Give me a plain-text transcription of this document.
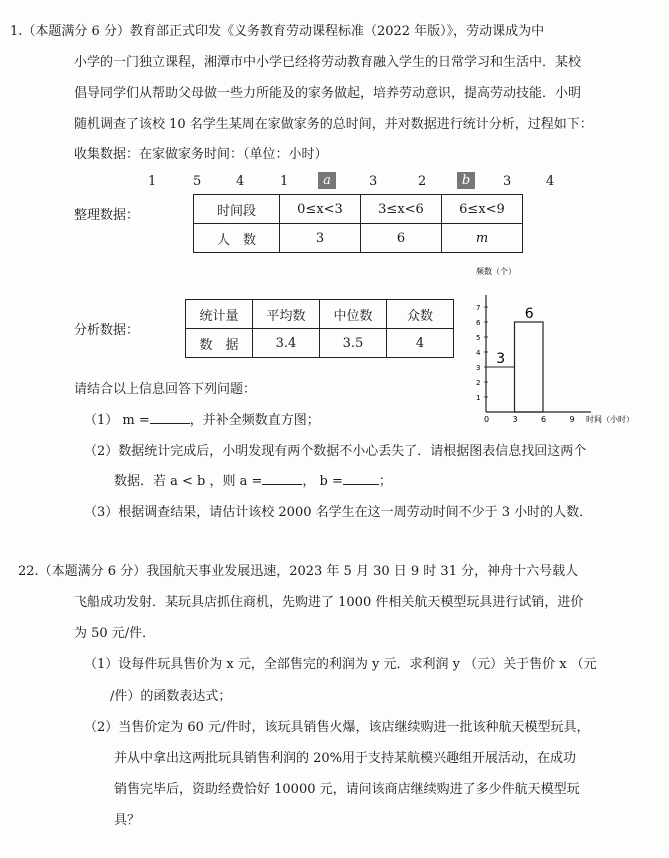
1.（本题满分 6 分）教育部正式印发《义务教育劳动课程标准（2022 年版）》，劳动课成为中
小学的一门独立课程，湘潭市中小学已经将劳动教育融入学生的日常学习和生活中．某校
倡导同学们从帮助父母做一些力所能及的家务做起，培养劳动意识，提高劳动技能．小明
随机调查了该校 10 名学生某周在家做家务的总时间，并对数据进行统计分析，过程如下：
收集数据：在家做家务时间：（单位：小时）
1	5	4	1	a	3	2	b	3	4
整理数据：	时间段	0≤x<3	3≤x<6	6≤x<9
人　数	3	6	m
分析数据：
统计量	平均数	中位数	众数
数　据	3.4	3.5	4
频数（个）
时间（小时）
0	3	6	9
1
2
3
4
5
6
7
3
6
请结合以上信息回答下列问题：
（1） m =	，并补全频数直方图；
（2）数据统计完成后，小明发现有两个数据不小心丢失了．请根据图表信息找回这两个
数据．若 a < b ，则 a =	， b =	；
（3）根据调查结果，请估计该校 2000 名学生在这一周劳动时间不少于 3 小时的人数．
22.（本题满分 6 分）我国航天事业发展迅速，2023 年 5 月 30 日 9 时 31 分，神舟十六号载人
飞船成功发射．某玩具店抓住商机，先购进了 1000 件相关航天模型玩具进行试销，进价
为 50 元/件．
（1）设每件玩具售价为 x 元，全部售完的利润为 y 元．求利润 y （元）关于售价 x （元
/件）的函数表达式；
（2）当售价定为 60 元/件时，该玩具销售火爆，该店继续购进一批该种航天模型玩具，
并从中拿出这两批玩具销售利润的 20%用于支持某航模兴趣组开展活动，在成功
销售完毕后，资助经费恰好 10000 元，请问该商店继续购进了多少件航天模型玩
具？
